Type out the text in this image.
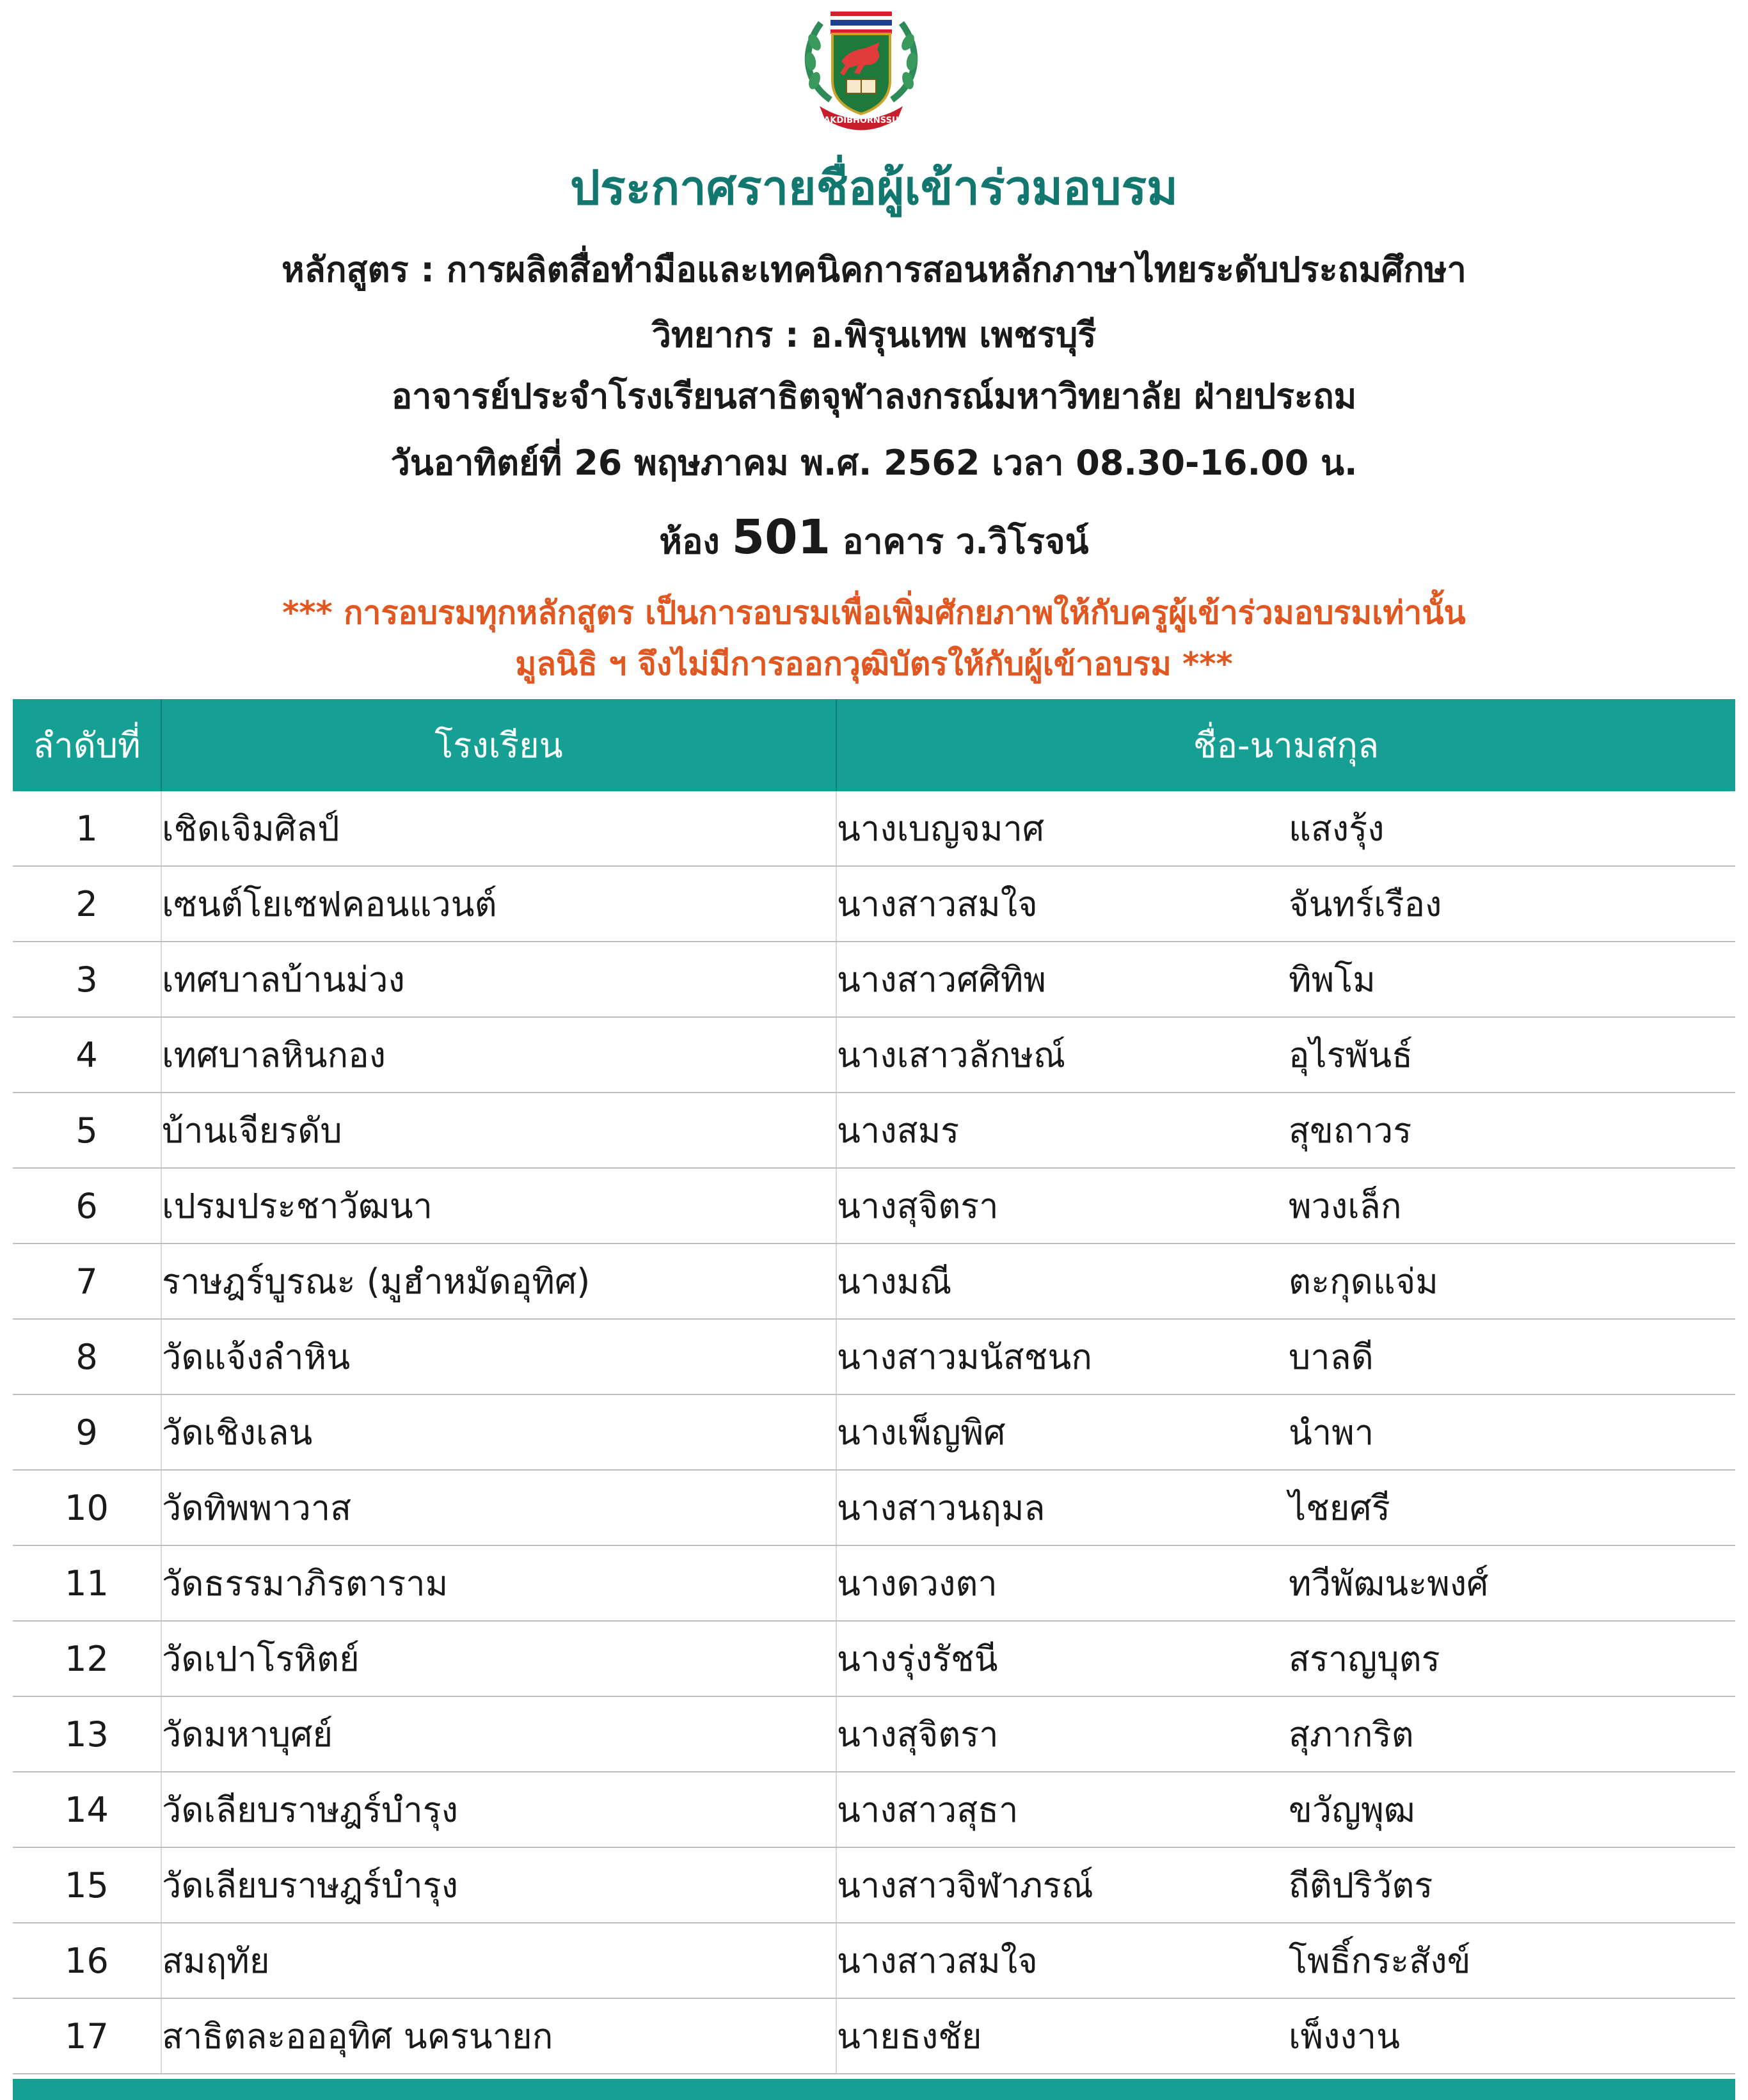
SAKDIBHORNSSUP
ประกาศรายชื่อผู้เข้าร่วมอบรม
หลักสูตร : การผลิตสื่อทำมือและเทคนิคการสอนหลักภาษาไทยระดับประถมศึกษา
วิทยากร : อ.พิรุนเทพ เพชรบุรี
อาจารย์ประจำโรงเรียนสาธิตจุฬาลงกรณ์มหาวิทยาลัย ฝ่ายประถม
วันอาทิตย์ที่ 26 พฤษภาคม พ.ศ. 2562 เวลา 08.30-16.00 น.
ห้อง 501 อาคาร ว.วิโรจน์
*** การอบรมทุกหลักสูตร เป็นการอบรมเพื่อเพิ่มศักยภาพให้กับครูผู้เข้าร่วมอบรมเท่านั้น
มูลนิธิ ฯ จึงไม่มีการออกวุฒิบัตรให้กับผู้เข้าอบรม ***
ลำดับที่	โรงเรียน	ชื่อ-นามสกุล
1	เชิดเจิมศิลป์	นางเบญจมาศ แสงรุ้ง
2	เซนต์โยเซฟคอนแวนต์	นางสาวสมใจ จันทร์เรือง
3	เทศบาลบ้านม่วง	นางสาวศศิทิพ ทิพโม
4	เทศบาลหินกอง	นางเสาวลักษณ์ อุไรพันธ์
5	บ้านเจียรดับ	นางสมร สุขถาวร
6	เปรมประชาวัฒนา	นางสุจิตรา พวงเล็ก
7	ราษฎร์บูรณะ (มูฮำหมัดอุทิศ)	นางมณี ตะกุดแจ่ม
8	วัดแจ้งลำหิน	นางสาวมนัสชนก บาลดี
9	วัดเชิงเลน	นางเพ็ญพิศ นำพา
10	วัดทิพพาวาส	นางสาวนฤมล ไชยศรี
11	วัดธรรมาภิรตาราม	นางดวงตา ทวีพัฒนะพงศ์
12	วัดเปาโรหิตย์	นางรุ่งรัชนี สราญบุตร
13	วัดมหาบุศย์	นางสุจิตรา สุภากริต
14	วัดเลียบราษฎร์บำรุง	นางสาวสุธา ขวัญพุฒ
15	วัดเลียบราษฎร์บำรุง	นางสาวจิฬาภรณ์ ถีติปริวัตร
16	สมฤทัย	นางสาวสมใจ โพธิ์กระสังข์
17	สาธิตละอออุทิศ นครนายก	นายธงชัย เพ็งงาน
